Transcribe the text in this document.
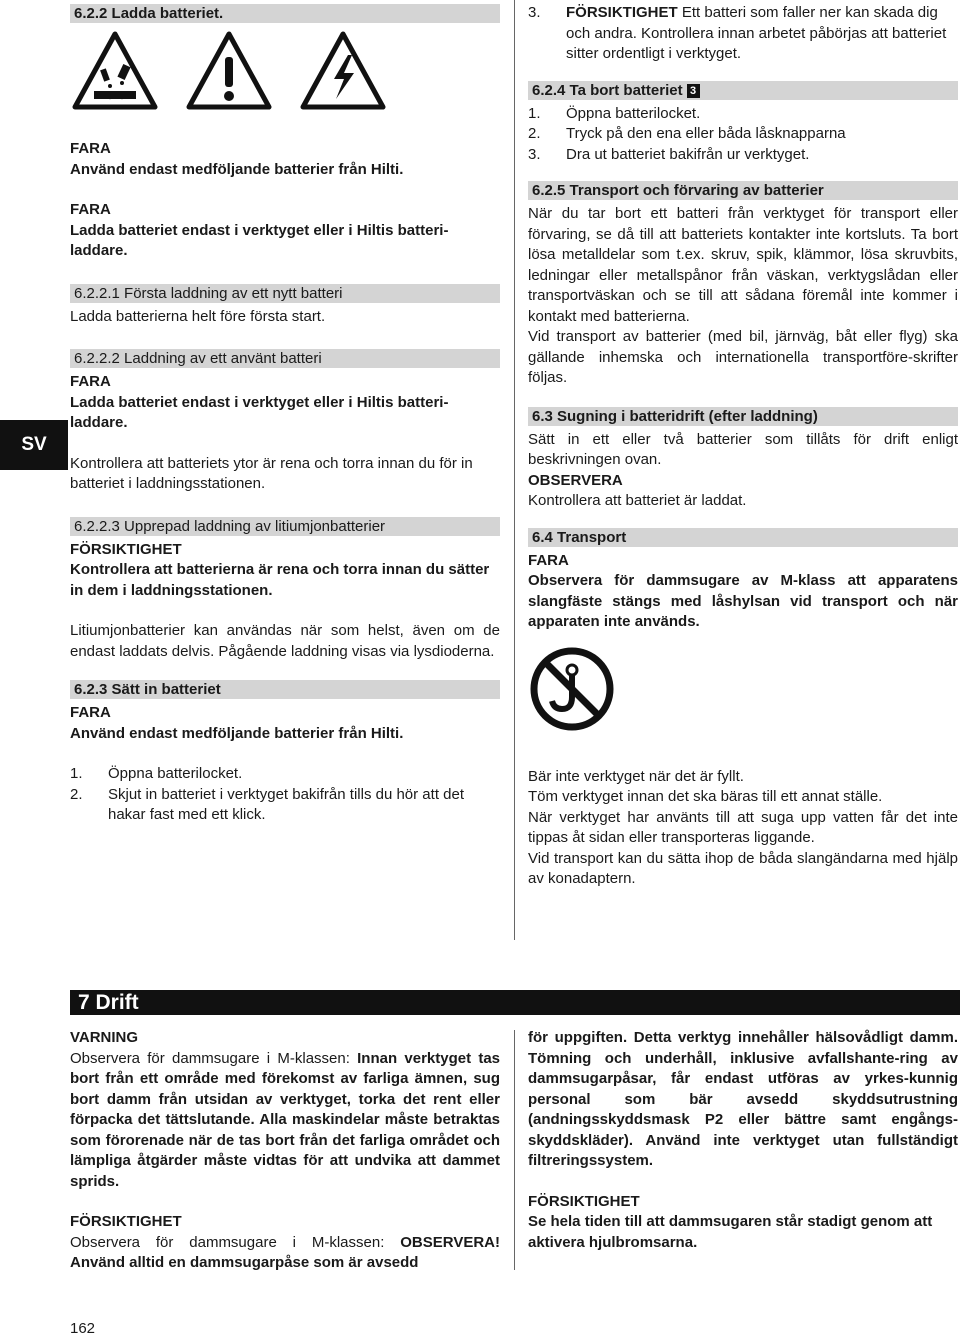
SV

6.2.2 Ladda batteriet.

FARA

Använd endast medföljande batterier från Hilti.

FARA

Ladda batteriet endast i verktyget eller i Hiltis batteri-laddare.

6.2.2.1 Första laddning av ett nytt batteri

Ladda batterierna helt före första start.

6.2.2.2 Laddning av ett använt batteri

FARA

Ladda batteriet endast i verktyget eller i Hiltis batteri-laddare.

Kontrollera att batteriets ytor är rena och torra innan du för in batteriet i laddningsstationen.

6.2.2.3 Upprepad laddning av litiumjonbatterier

FÖRSIKTIGHET

Kontrollera att batterierna är rena och torra innan du sätter in dem i laddningsstationen.

Litiumjonbatterier kan användas när som helst, även om de endast laddats delvis. Pågående laddning visas via lysdioderna.

6.2.3 Sätt in batteriet

FARA

Använd endast medföljande batterier från Hilti.

1.	Öppna batterilocket.
2.	Skjut in batteriet i verktyget bakifrån tills du hör att det hakar fast med ett klick.
3.	FÖRSIKTIGHET Ett batteri som faller ner kan skada dig och andra. Kontrollera innan arbetet påbörjas att batteriet sitter ordentligt i verktyget.

6.2.4 Ta bort batteriet 3

1.	Öppna batterilocket.
2.	Tryck på den ena eller båda låsknapparna
3.	Dra ut batteriet bakifrån ur verktyget.

6.2.5 Transport och förvaring av batterier

När du tar bort ett batteri från verktyget för transport eller förvaring, se då till att batteriets kontakter inte kortsluts. Ta bort lösa metalldelar som t.ex. skruv, spik, klämmor, lösa skruvbits, ledningar eller metallspånor från väskan, verktygslådan eller transportväskan och se till att sådana föremål inte kommer i kontakt med batterierna.

Vid transport av batterier (med bil, järnväg, båt eller flyg) ska gällande inhemska och internationella transportföre-skrifter följas.

6.3 Sugning i batteridrift (efter laddning)

Sätt in ett eller två batterier som tillåts för drift enligt beskrivningen ovan.

OBSERVERA

Kontrollera att batteriet är laddat.

6.4 Transport

FARA

Observera för dammsugare av M-klass att apparatens slangfäste stängs med låshylsan vid transport och när apparaten inte används.

Bär inte verktyget när det är fyllt.

Töm verktyget innan det ska bäras till ett annat ställe.

När verktyget har använts till att suga upp vatten får det inte tippas åt sidan eller transporteras liggande.

Vid transport kan du sätta ihop de båda slangändarna med hjälp av konadaptern.

7 Drift

VARNING

Observera för dammsugare i M-klassen: Innan verktyget tas bort från ett område med förekomst av farliga ämnen, sug bort damm från utsidan av verktyget, torka det rent eller förpacka det tättslutande. Alla maskindelar måste betraktas som förorenade när de tas bort från det farliga området och lämpliga åtgärder måste vidtas för att undvika att dammet sprids.

FÖRSIKTIGHET

Observera för dammsugare i M-klassen: OBSERVERA! Använd alltid en dammsugarpåse som är avsedd

för uppgiften. Detta verktyg innehåller hälsovådligt damm. Tömning och underhåll, inklusive avfallshante-ring av dammsugarpåsar, får endast utföras av yrkes-kunnig personal som bär avsedd skyddsutrustning (andningsskyddsmask P2 eller bättre samt engångs-skyddskläder). Använd inte verktyget utan fullständigt filtreringssystem.

FÖRSIKTIGHET

Se hela tiden till att dammsugaren står stadigt genom att aktivera hjulbromsarna.

162
